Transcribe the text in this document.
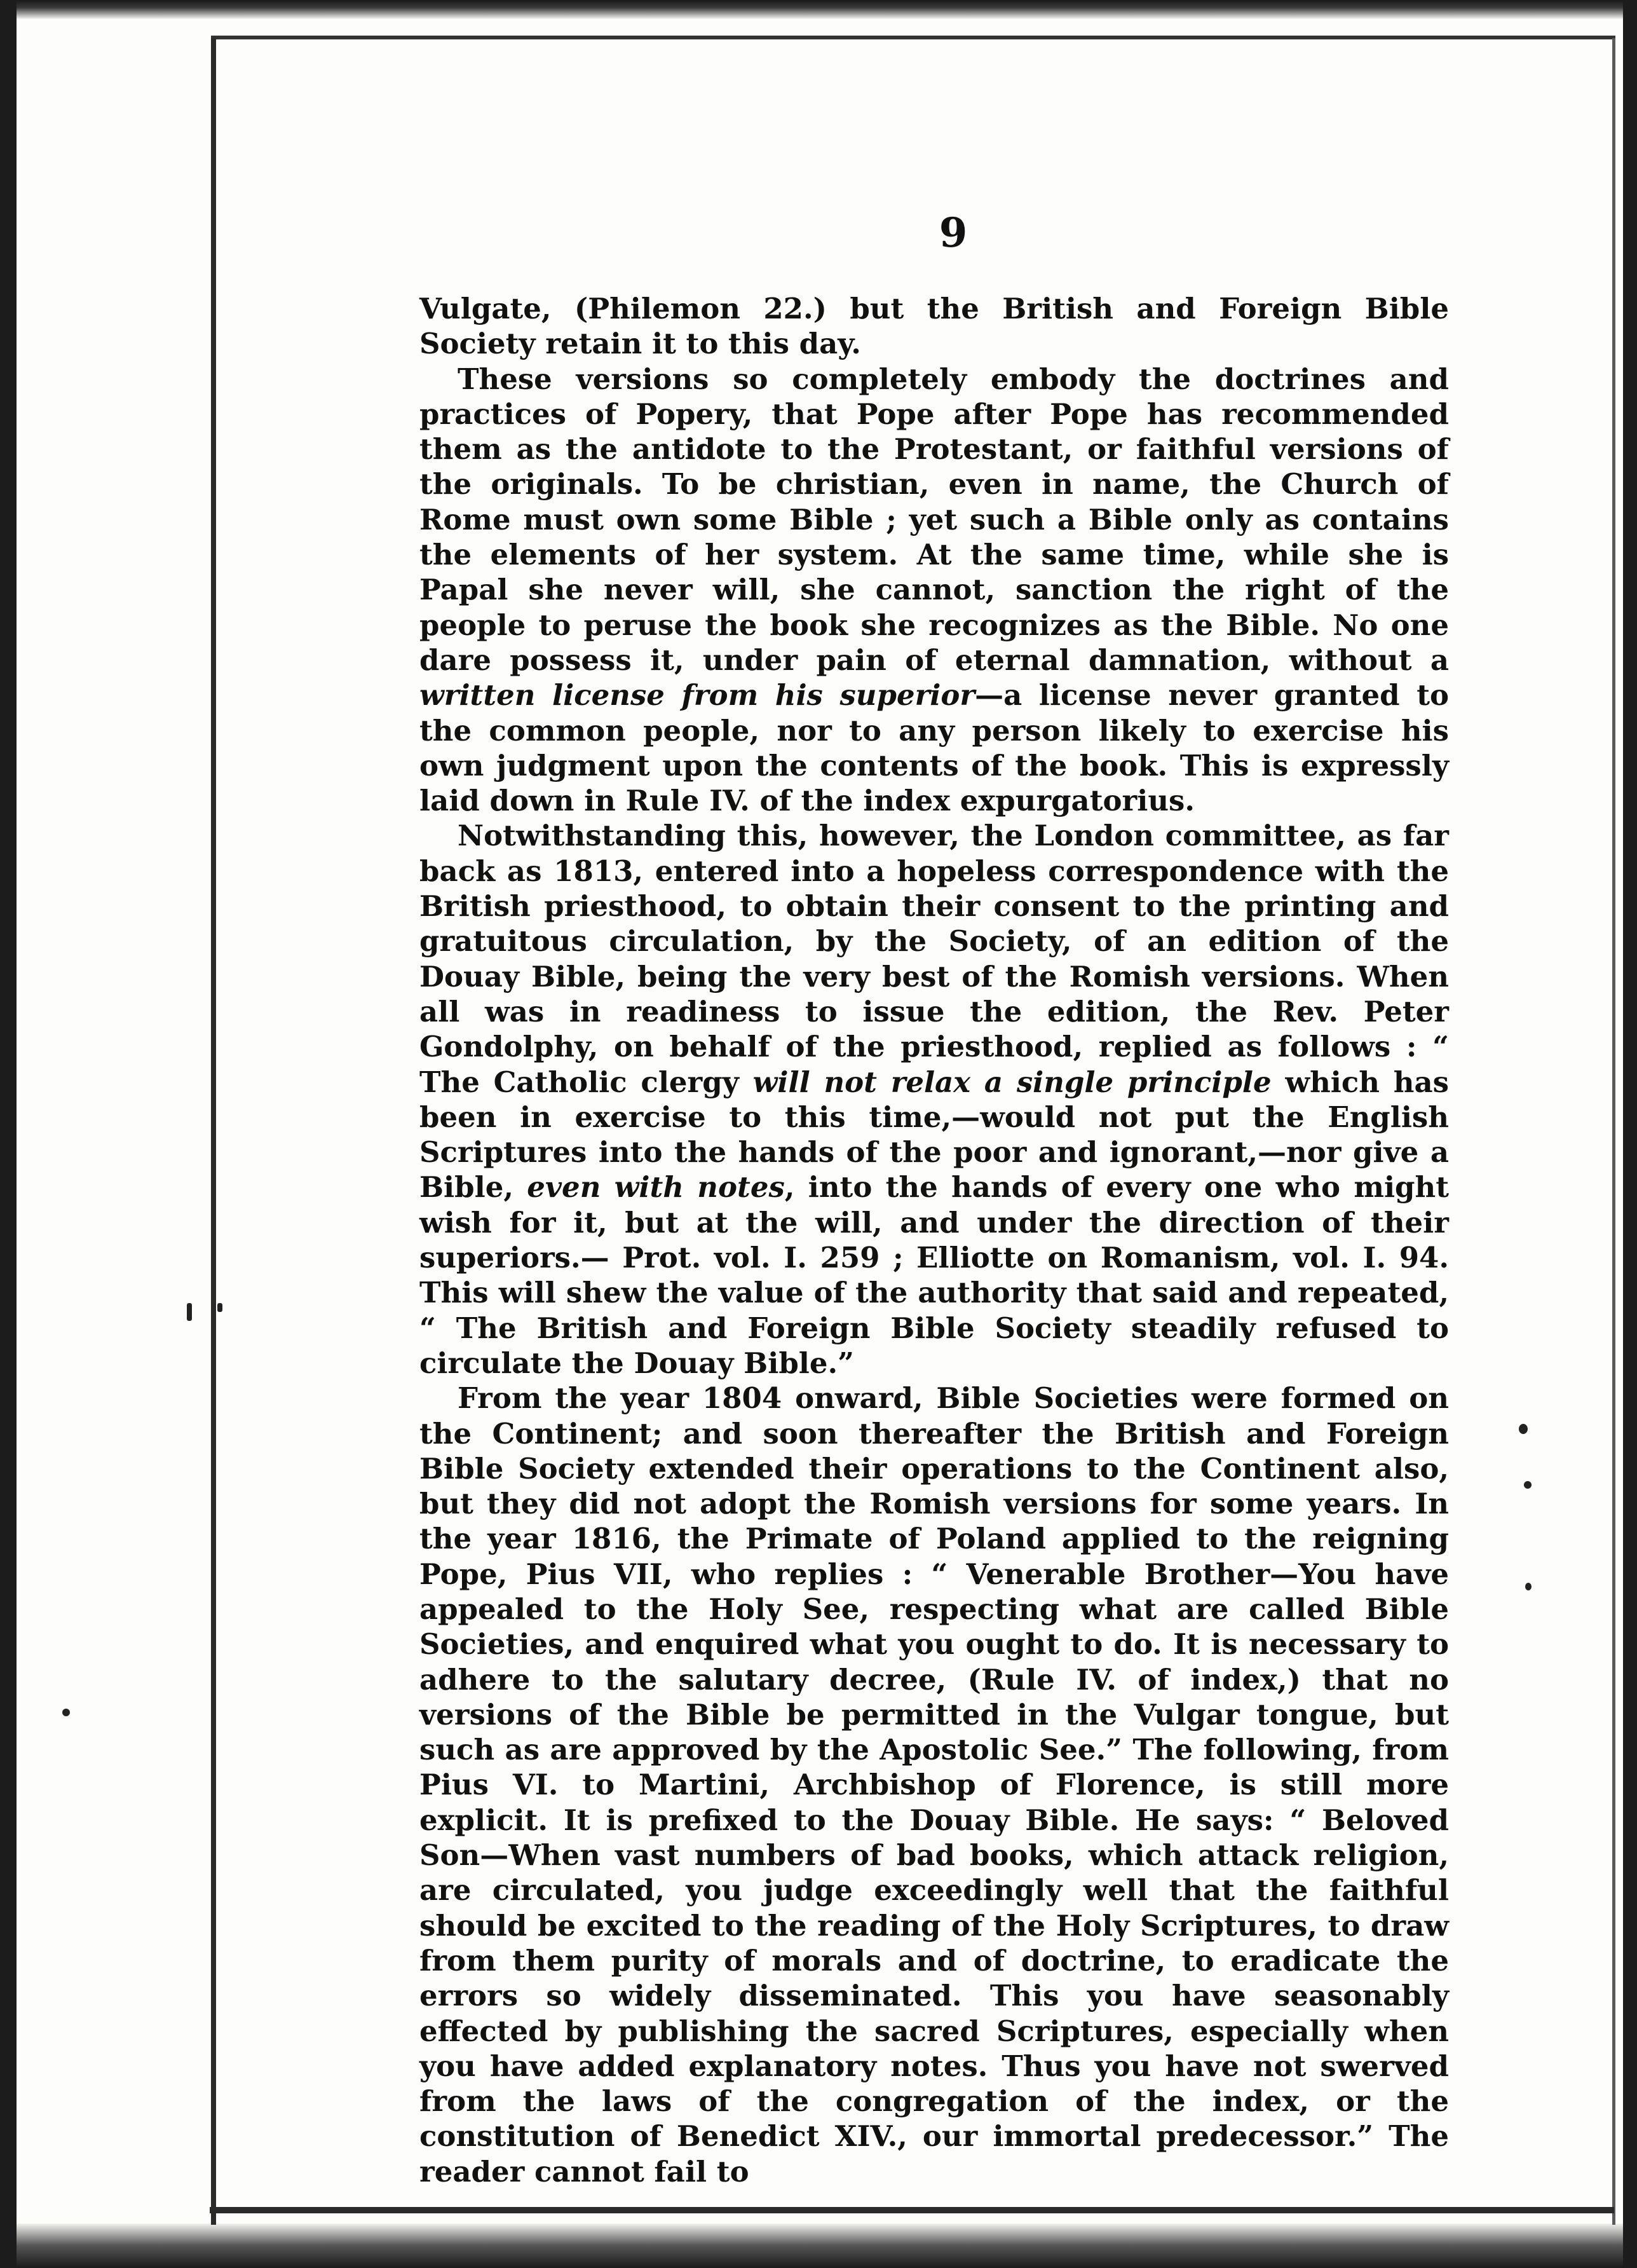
9

Vulgate, (Philemon 22.) but the British and Foreign Bible Society retain it to this day.

These versions so completely embody the doctrines and practices of Popery, that Pope after Pope has recommended them as the antidote to the Protestant, or faithful versions of the originals. To be christian, even in name, the Church of Rome must own some Bible ; yet such a Bible only as contains the elements of her system. At the same time, while she is Papal she never will, she cannot, sanction the right of the people to peruse the book she recognizes as the Bible. No one dare possess it, under pain of eternal damnation, without a written license from his superior—a license never granted to the common people, nor to any person likely to exercise his own judgment upon the contents of the book. This is expressly laid down in Rule IV. of the index expurgatorius.

Notwithstanding this, however, the London committee, as far back as 1813, entered into a hopeless correspondence with the British priesthood, to obtain their consent to the printing and gratuitous circulation, by the Society, of an edition of the Douay Bible, being the very best of the Romish versions. When all was in readiness to issue the edition, the Rev. Peter Gondolphy, on behalf of the priesthood, replied as follows : “ The Catholic clergy will not relax a single principle which has been in exercise to this time,—would not put the English Scriptures into the hands of the poor and ignorant,—nor give a Bible, even with notes, into the hands of every one who might wish for it, but at the will, and under the direction of their superiors.— Prot. vol. I. 259 ; Elliotte on Romanism, vol. I. 94. This will shew the value of the authority that said and repeated, “ The British and Foreign Bible Society steadily refused to circulate the Douay Bible.”

From the year 1804 onward, Bible Societies were formed on the Continent; and soon thereafter the British and Foreign Bible Society extended their operations to the Continent also, but they did not adopt the Romish versions for some years. In the year 1816, the Primate of Poland applied to the reigning Pope, Pius VII, who replies : “ Venerable Brother—You have appealed to the Holy See, respecting what are called Bible Societies, and enquired what you ought to do. It is necessary to adhere to the salutary decree, (Rule IV. of index,) that no versions of the Bible be permitted in the Vulgar tongue, but such as are approved by the Apostolic See.” The following, from Pius VI. to Martini, Archbishop of Florence, is still more explicit. It is prefixed to the Douay Bible. He says: “ Beloved Son—When vast numbers of bad books, which attack religion, are circulated, you judge exceedingly well that the faithful should be excited to the reading of the Holy Scriptures, to draw from them purity of morals and of doctrine, to eradicate the errors so widely disseminated. This you have seasonably effected by publishing the sacred Scriptures, especially when you have added explanatory notes. Thus you have not swerved from the laws of the congregation of the index, or the constitution of Benedict XIV., our immortal predecessor.” The reader cannot fail to
